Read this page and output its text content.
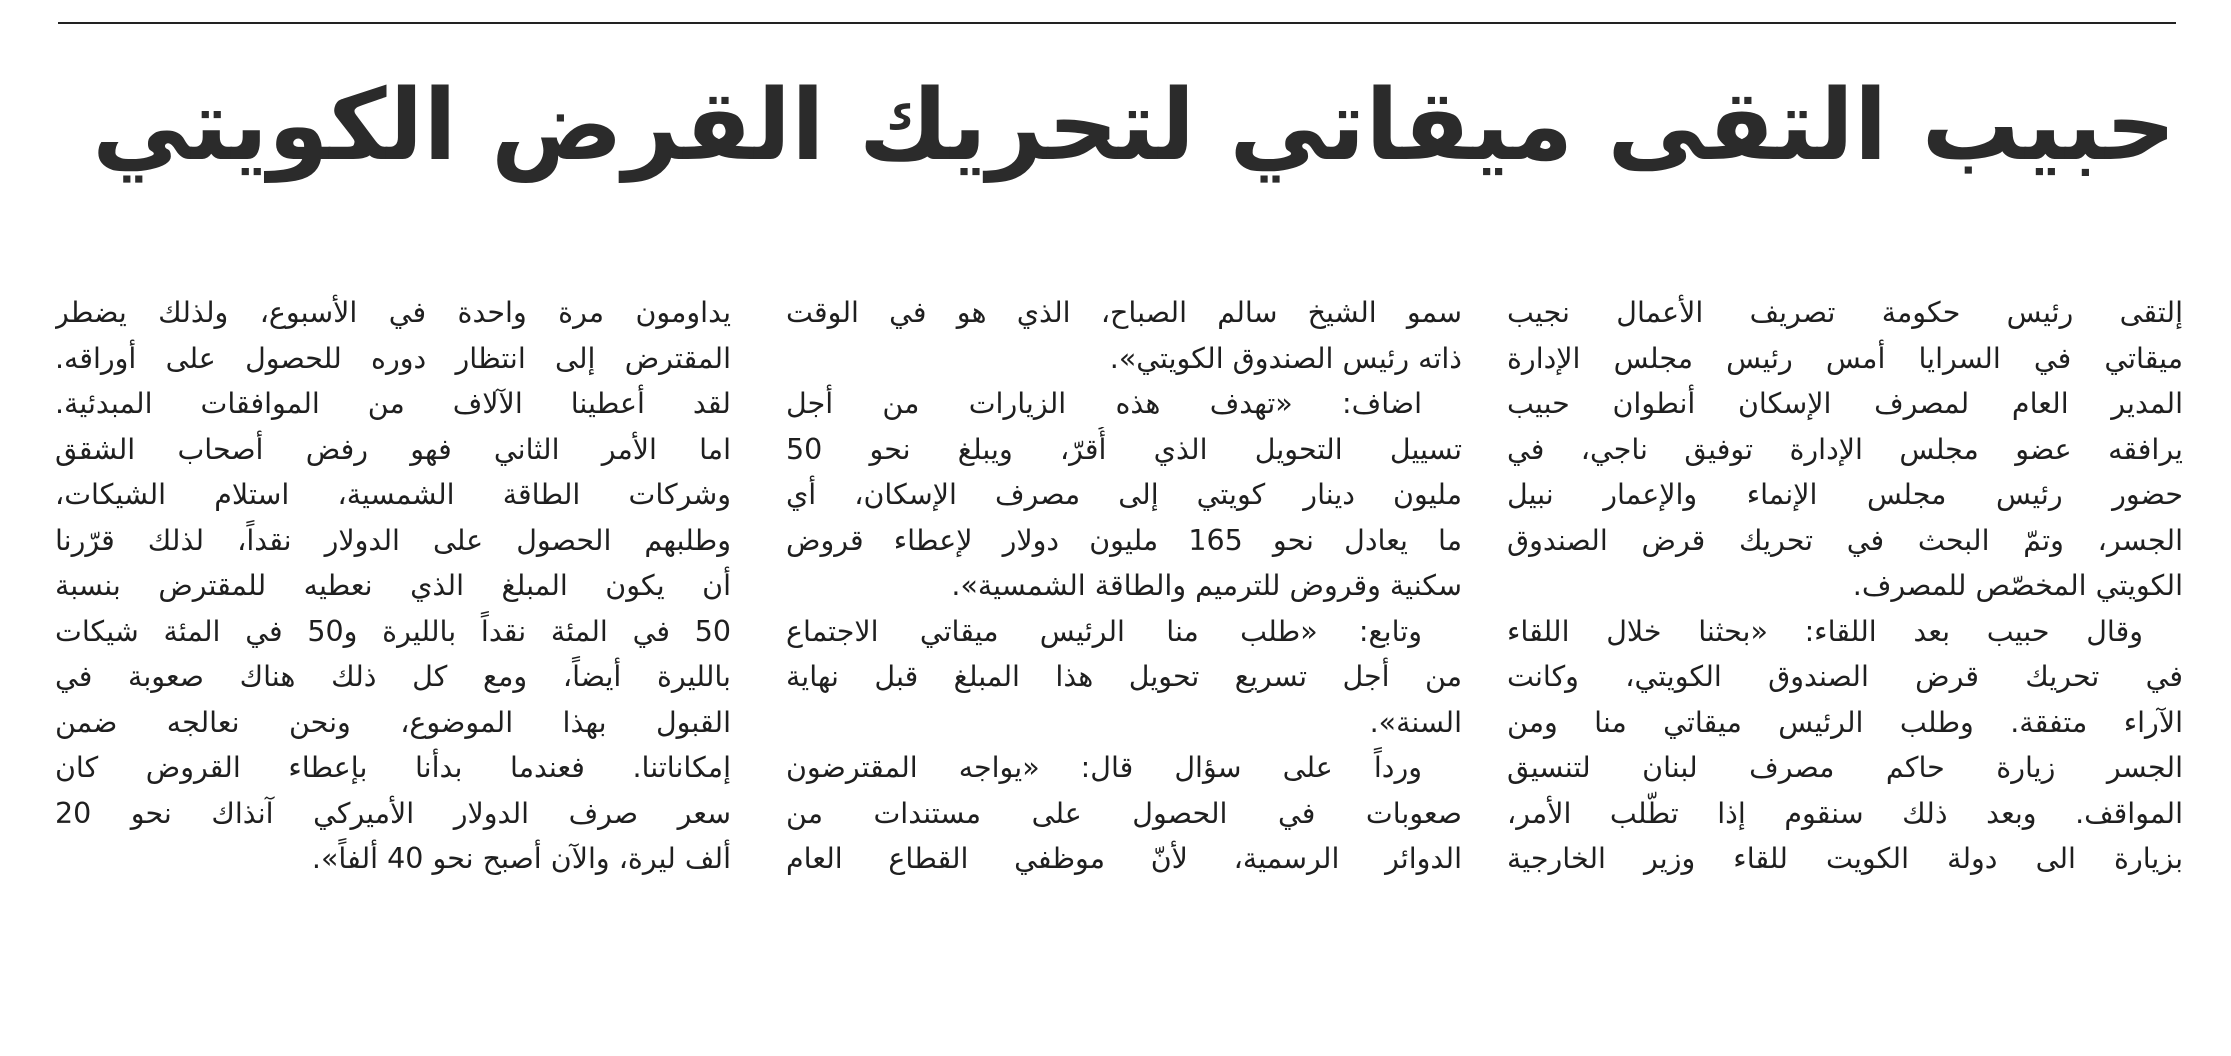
حبيب التقى ميقاتي لتحريك القرض الكويتي
إلتقى رئيس حكومة تصريف الأعمال نجيب
ميقاتي في السرايا أمس رئيس مجلس الإدارة
المدير العام لمصرف الإسكان أنطوان حبيب
يرافقه عضو مجلس الإدارة توفيق ناجي، في
حضور رئيس مجلس الإنماء والإعمار نبيل
الجسر، وتمّ البحث في تحريك قرض الصندوق
الكويتي المخصّص للمصرف.
وقال حبيب بعد اللقاء: «بحثنا خلال اللقاء
في تحريك قرض الصندوق الكويتي، وكانت
الآراء متفقة. وطلب الرئيس ميقاتي منا ومن
الجسر زيارة حاكم مصرف لبنان لتنسيق
المواقف. وبعد ذلك سنقوم إذا تطّلب الأمر،
بزيارة الى دولة الكويت للقاء وزير الخارجية
سمو الشيخ سالم الصباح، الذي هو في الوقت
ذاته رئيس الصندوق الكويتي».
اضاف: «تهدف هذه الزيارات من أجل
تسييل التحويل الذي أُقرّ، ويبلغ نحو 50
مليون دينار كويتي إلى مصرف الإسكان، أي
ما يعادل نحو 165 مليون دولار لإعطاء قروض
سكنية وقروض للترميم والطاقة الشمسية».
وتابع: «طلب منا الرئيس ميقاتي الاجتماع
من أجل تسريع تحويل هذا المبلغ قبل نهاية
السنة».
ورداً على سؤال قال: «يواجه المقترضون
صعوبات في الحصول على مستندات من
الدوائر الرسمية، لأنّ موظفي القطاع العام
يداومون مرة واحدة في الأسبوع، ولذلك يضطر
المقترض إلى انتظار دوره للحصول على أوراقه.
لقد أعطينا الآلاف من الموافقات المبدئية.
اما الأمر الثاني فهو رفض أصحاب الشقق
وشركات الطاقة الشمسية، استلام الشيكات،
وطلبهم الحصول على الدولار نقداً، لذلك قرّرنا
أن يكون المبلغ الذي نعطيه للمقترض بنسبة
50 في المئة نقداً بالليرة و50 في المئة شيكات
بالليرة أيضاً، ومع كل ذلك هناك صعوبة في
القبول بهذا الموضوع، ونحن نعالجه ضمن
إمكاناتنا. فعندما بدأنا بإعطاء القروض كان
سعر صرف الدولار الأميركي آنذاك نحو 20
ألف ليرة، والآن أصبح نحو 40 ألفاً».
